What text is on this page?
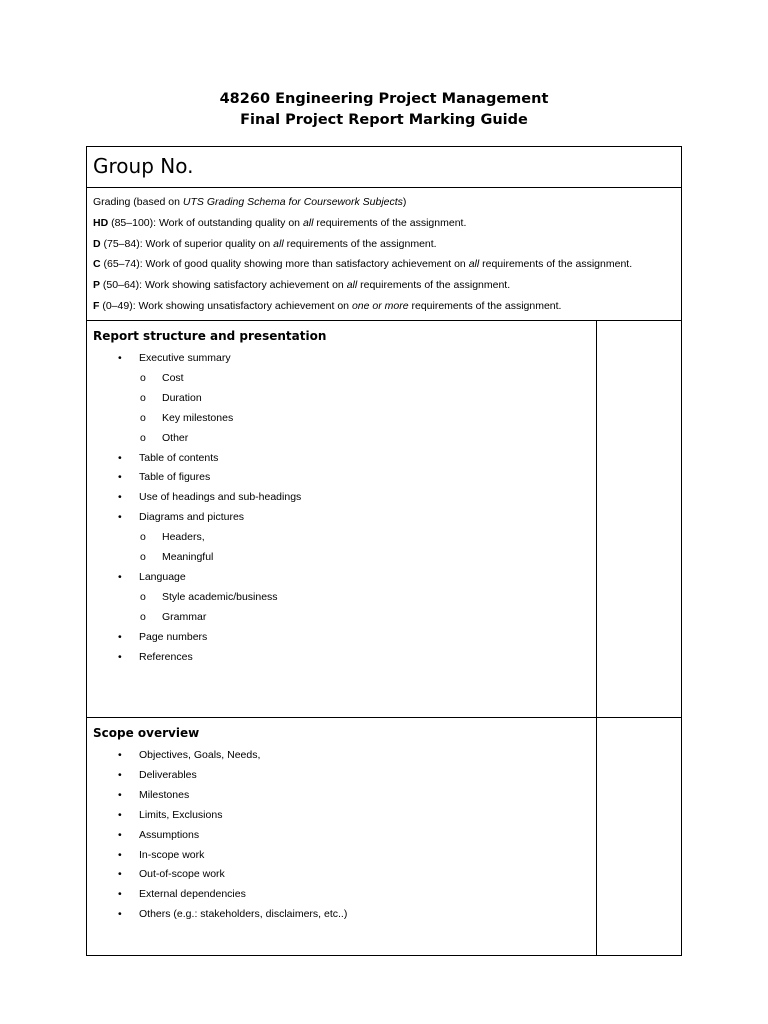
48260 Engineering Project Management
Final Project Report Marking Guide
Group No.
Grading (based on UTS Grading Schema for Coursework Subjects)
HD (85–100): Work of outstanding quality on all requirements of the assignment.
D (75–84): Work of superior quality on all requirements of the assignment.
C (65–74): Work of good quality showing more than satisfactory achievement on all requirements of the assignment.
P (50–64): Work showing satisfactory achievement on all requirements of the assignment.
F (0–49): Work showing unsatisfactory achievement on one or more requirements of the assignment.
Report structure and presentation
• Executive summary
o Cost
o Duration
o Key milestones
o Other
• Table of contents
• Table of figures
• Use of headings and sub-headings
• Diagrams and pictures
o Headers,
o Meaningful
• Language
o Style academic/business
o Grammar
• Page numbers
• References
Scope overview
• Objectives, Goals, Needs,
• Deliverables
• Milestones
• Limits, Exclusions
• Assumptions
• In-scope work
• Out-of-scope work
• External dependencies
• Others (e.g.: stakeholders, disclaimers, etc..)
